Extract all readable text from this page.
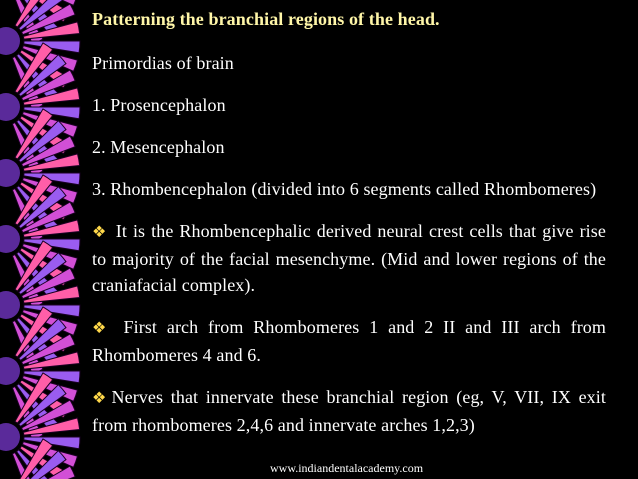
Patterning the branchial regions of the head.

Primordias of brain

1. Prosencephalon

2. Mesencephalon

3. Rhombencephalon (divided into 6 segments called Rhombomeres)

❖ It is the Rhombencephalic derived neural crest cells that give rise to majority of the facial mesenchyme. (Mid and lower regions of the craniafacial complex).

❖ First arch from Rhombomeres 1 and 2 II and III arch from Rhombomeres 4 and 6.

❖ Nerves that innervate these branchial region (eg, V, VII, IX exit from rhombomeres 2,4,6 and innervate arches 1,2,3)

www.indiandentalacademy.com
